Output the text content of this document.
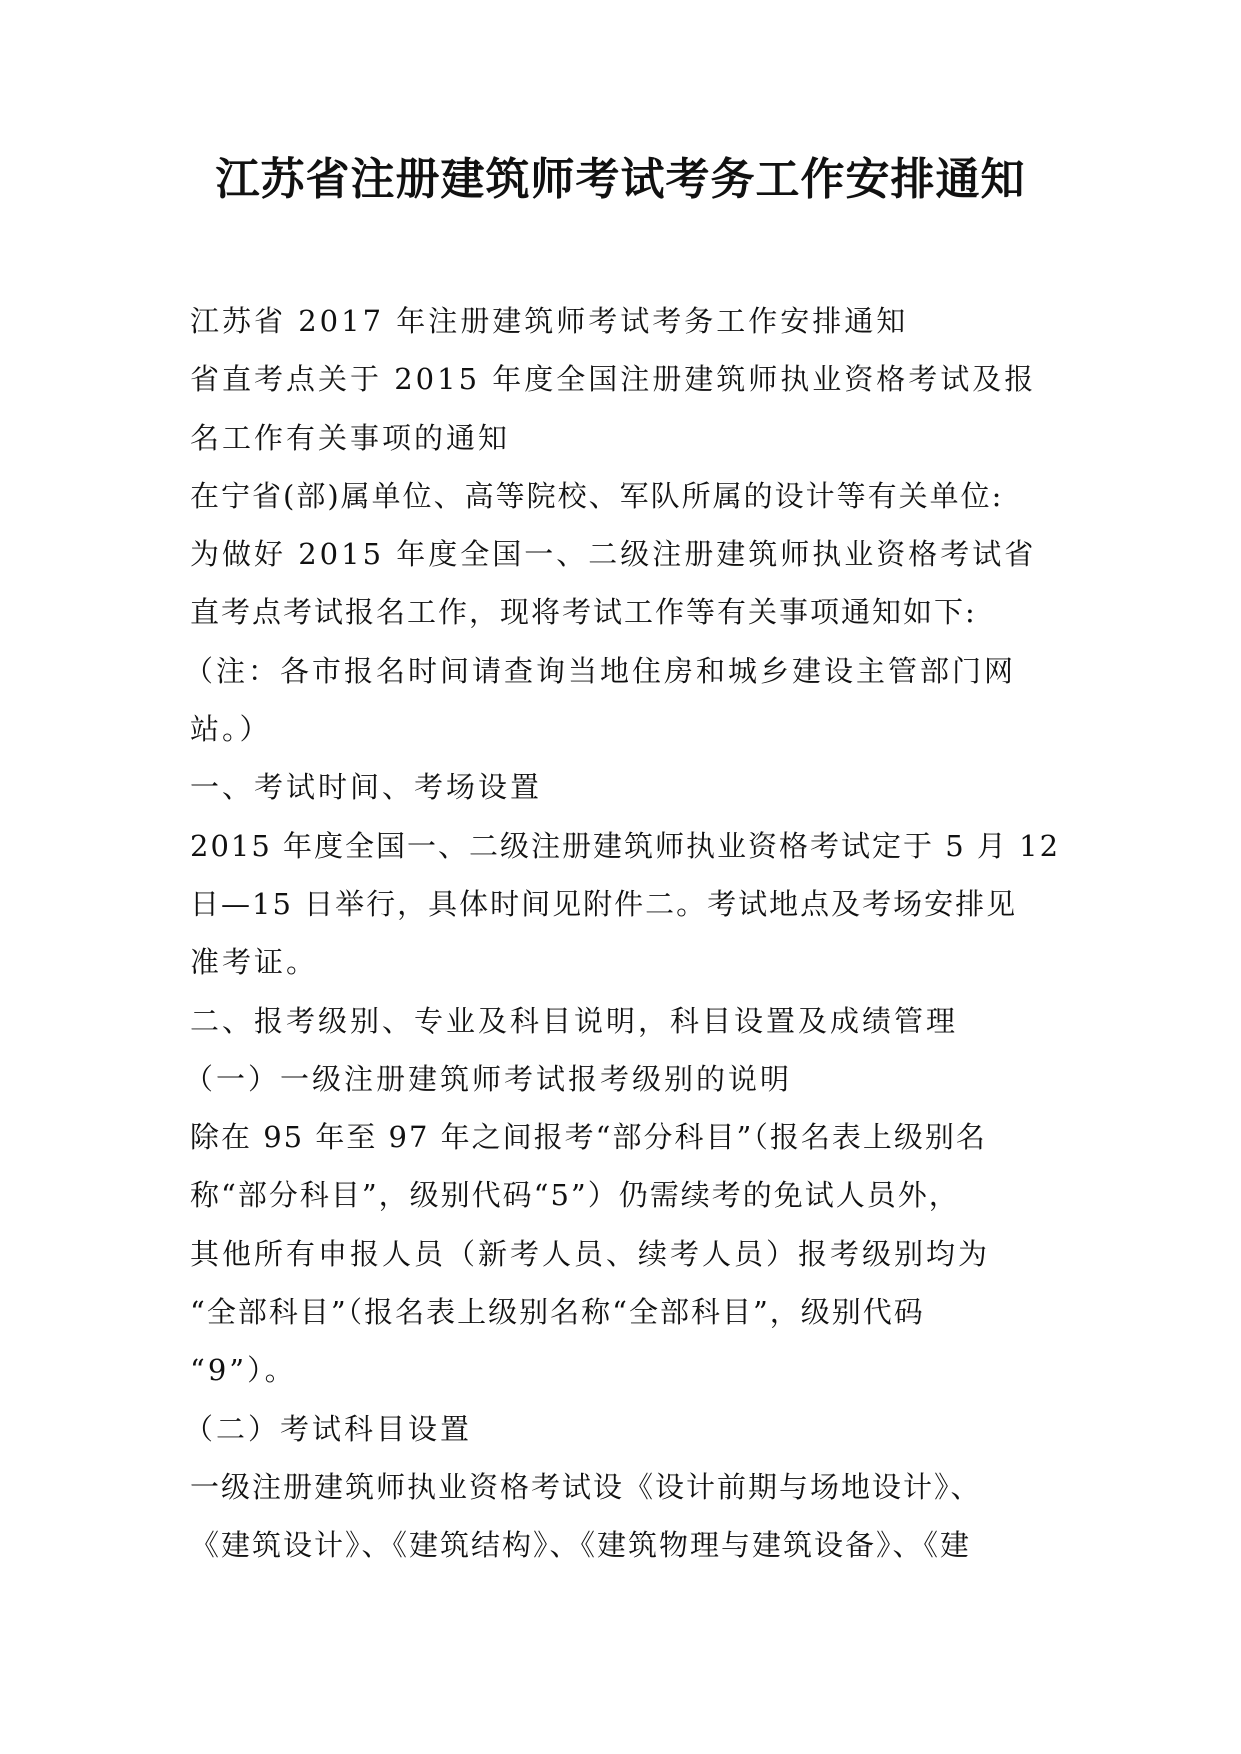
江苏省注册建筑师考试考务工作安排通知
江苏省 2017 年注册建筑师考试考务工作安排通知
省直考点关于 2015 年度全国注册建筑师执业资格考试及报
名工作有关事项的通知
在宁省(部)属单位、高等院校、军队所属的设计等有关单位:
为做好 2015 年度全国一、二级注册建筑师执业资格考试省
直考点考试报名工作，现将考试工作等有关事项通知如下:
（注：各市报名时间请查询当地住房和城乡建设主管部门网
站。）
一、考试时间、考场设置
2015 年度全国一、二级注册建筑师执业资格考试定于 5 月 12
日—15 日举行，具体时间见附件二。考试地点及考场安排见
准考证。
二、报考级别、专业及科目说明，科目设置及成绩管理
（一）一级注册建筑师考试报考级别的说明
除在 95 年至 97 年之间报考“部分科目”（报名表上级别名
称“部分科目”，级别代码“5”）仍需续考的免试人员外，
其他所有申报人员（新考人员、续考人员）报考级别均为
“全部科目”（报名表上级别名称“全部科目”，级别代码
“9”）。
（二）考试科目设置
一级注册建筑师执业资格考试设《设计前期与场地设计》、
《建筑设计》、《建筑结构》、《建筑物理与建筑设备》、《建
